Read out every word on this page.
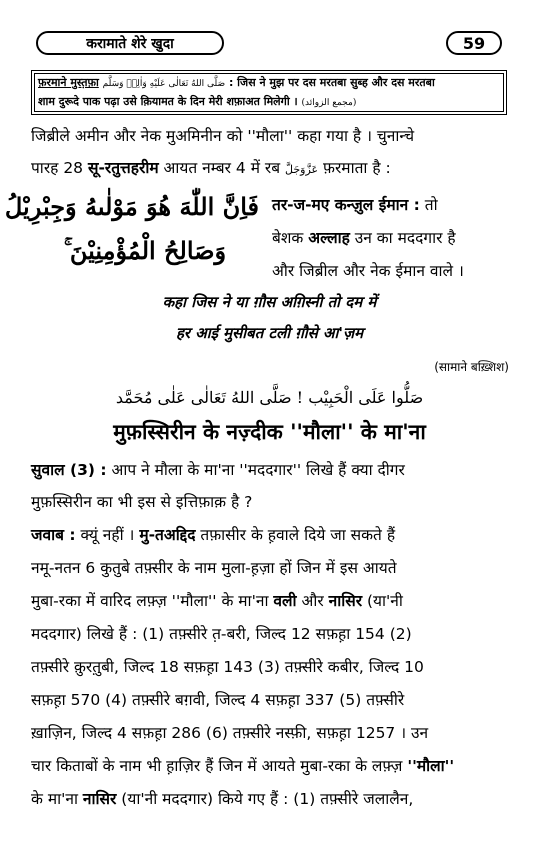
करामाते शेरे खुदा	59
फ़रमाने मुस्त़फ़ा صَلَّى اللهُ تَعَالٰى عَلَيْهِ وَاٰلِهٖ وَسَلَّم : जिस ने मुझ पर दस मरतबा सुब्ह और दस मरतबा
शाम दुरूदे पाक पढ़ा उसे क़ियामत के दिन मेरी शफ़ाअत मिलेगी । (مجمع الزوائد)
जिब्रीले अमीन और नेक मुअमिनीन को ''मौला'' कहा गया है । चुनान्चे
पारह 28 सू-रतुत्तहरीम आयत नम्बर 4 में रब عَزَّوَجَلَّ फ़रमाता है :
فَاِنَّ اللّٰهَ هُوَ مَوْلٰىهُ وَجِبْرِيْلُ
وَصَالِحُ الْمُؤْمِنِيْنَ ۚ
तर-ज-मए कन्ज़ुल ईमान : तो
बेशक अल्लाह उन का मददगार है
और जिब्रील और नेक ईमान वाले ।
कहा जिस ने या ग़ौस अग़िस्नी तो दम में
हर आई मुसीबत टली ग़ौसे आ'ज़म
(सामाने बख़्शिश)
صَلُّوا عَلَى الْحَبِيْب ! صَلَّى اللهُ تَعَالٰى عَلٰى مُحَمَّد
मुफ़स्सिरीन के नज़्दीक ''मौला'' के मा'ना
सुवाल (3) : आप ने मौला के मा'ना ''मददगार'' लिखे हैं क्या दीगर
मुफ़स्सिरीन का भी इस से इत्तिफ़ाक़ है ?
जवाब : क्यूं नहीं । मु-तअद्दिद तफ़ासीर के ह़वाले दिये जा सकते हैं
नमू-नतन 6 कुतुबे तफ़्सीर के नाम मुला-ह़ज़ा हों जिन में इस आयते
मुबा-रका में वारिद लफ़्ज़ ''मौला'' के मा'ना वली और नासिर (या'नी
मददगार) लिखे हैं : (1) तफ़्सीरे त़-बरी, जिल्द 12 सफ़ह़ा 154 (2)
तफ़्सीरे क़ुरत़ुबी, जिल्द 18 सफ़ह़ा 143 (3) तफ़्सीरे कबीर, जिल्द 10
सफ़ह़ा 570 (4) तफ़्सीरे बग़वी, जिल्द 4 सफ़ह़ा 337 (5) तफ़्सीरे
ख़ाज़िन, जिल्द 4 सफ़ह़ा 286 (6) तफ़्सीरे नस्फ़ी, सफ़ह़ा 1257 । उन
चार किताबों के नाम भी ह़ाज़िर हैं जिन में आयते मुबा-रका के लफ़्ज़ ''मौला''
के मा'ना नासिर (या'नी मददगार) किये गए हैं : (1) तफ़्सीरे जलालैन,
